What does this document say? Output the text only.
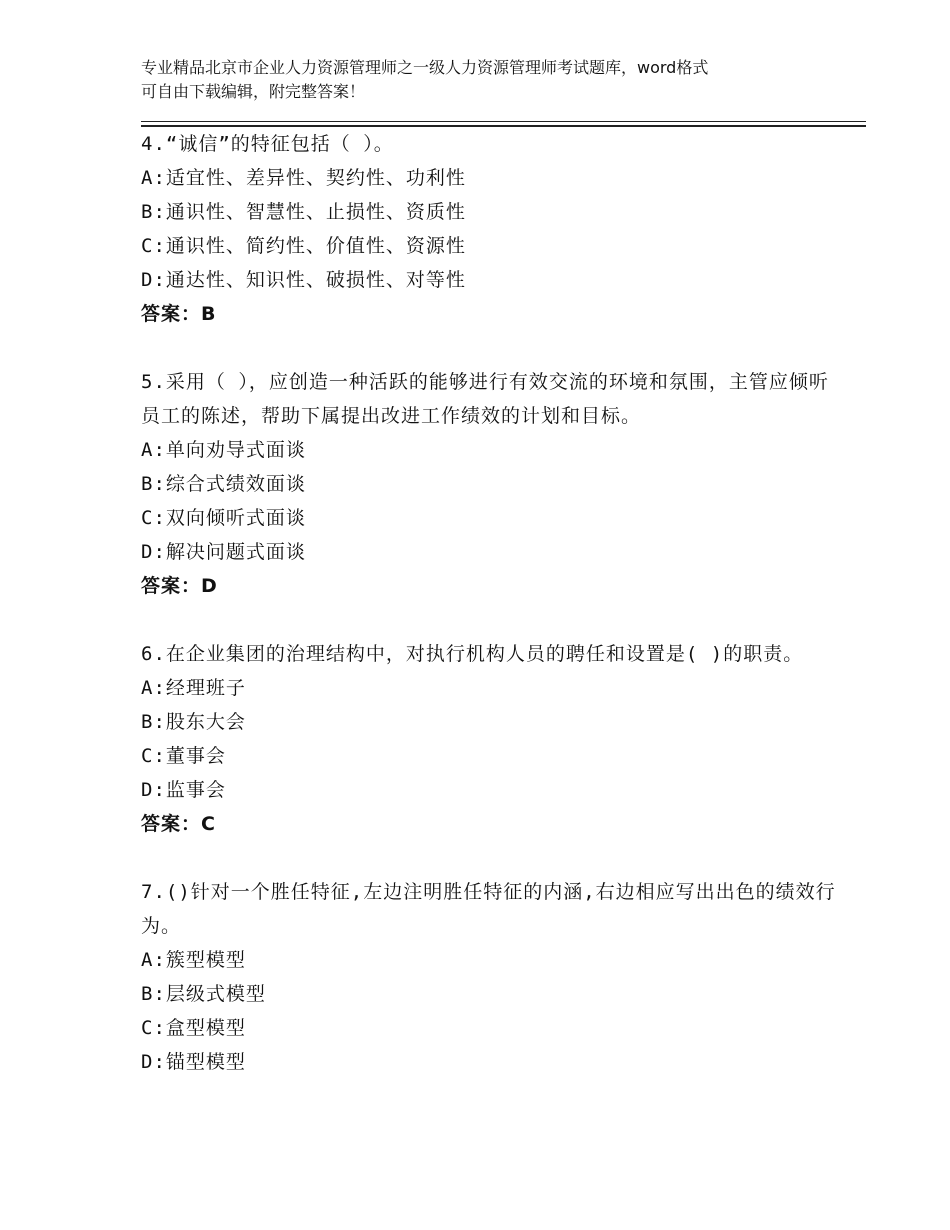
专业精品北京市企业人力资源管理师之一级人力资源管理师考试题库，word格式
可自由下载编辑，附完整答案！
4.“诚信”的特征包括（ ）。
A:适宜性、差异性、契约性、功利性
B:通识性、智慧性、止损性、资质性
C:通识性、简约性、价值性、资源性
D:通达性、知识性、破损性、对等性
答案：B
5.采用（ ），应创造一种活跃的能够进行有效交流的环境和氛围，主管应倾听员工的陈述，帮助下属提出改进工作绩效的计划和目标。
A:单向劝导式面谈
B:综合式绩效面谈
C:双向倾听式面谈
D:解决问题式面谈
答案：D
6.在企业集团的治理结构中，对执行机构人员的聘任和设置是( )的职责。
A:经理班子
B:股东大会
C:董事会
D:监事会
答案：C
7.()针对一个胜任特征,左边注明胜任特征的内涵,右边相应写出出色的绩效行为。
A:簇型模型
B:层级式模型
C:盒型模型
D:锚型模型
